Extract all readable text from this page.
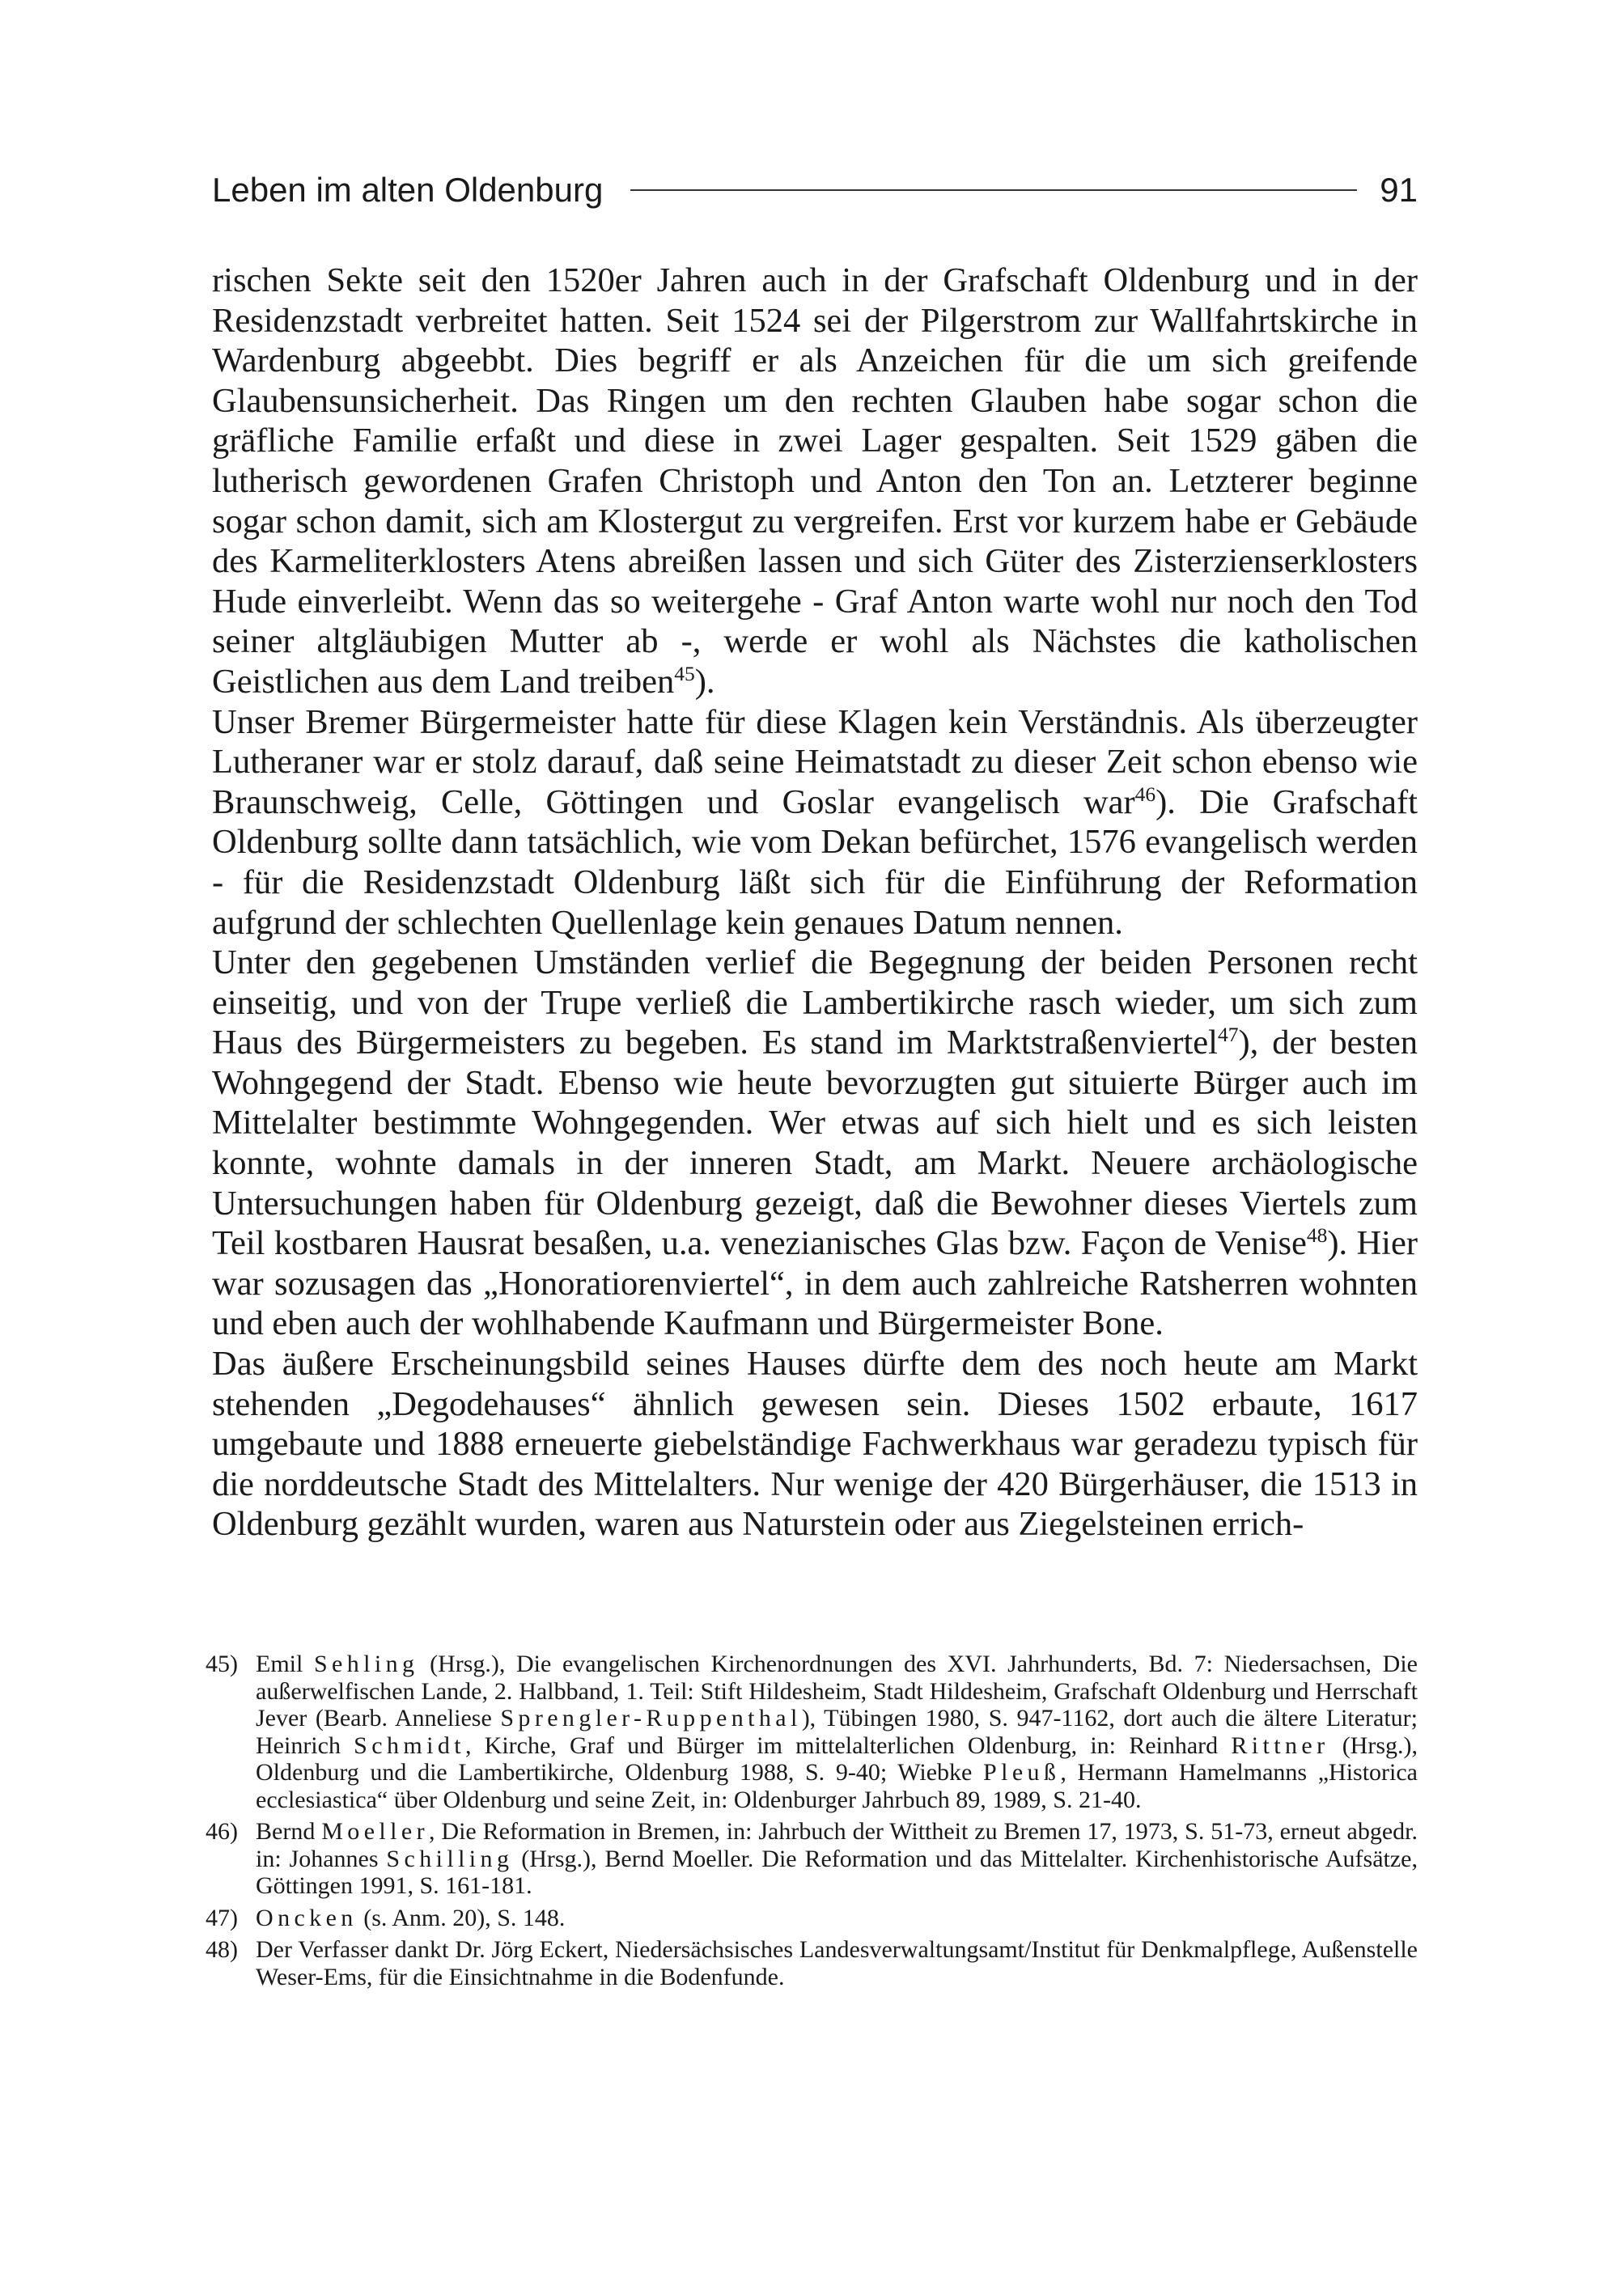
Leben im alten Oldenburg	91

rischen Sekte seit den 1520er Jahren auch in der Grafschaft Oldenburg und in der Residenzstadt verbreitet hatten. Seit 1524 sei der Pilgerstrom zur Wallfahrtskirche in Wardenburg abgeebbt. Dies begriff er als Anzeichen für die um sich greifende Glaubensunsicherheit. Das Ringen um den rechten Glauben habe sogar schon die gräfliche Familie erfaßt und diese in zwei Lager gespalten. Seit 1529 gäben die lutherisch gewordenen Grafen Christoph und Anton den Ton an. Letzterer beginne sogar schon damit, sich am Klostergut zu vergreifen. Erst vor kurzem habe er Gebäude des Karmeliterklosters Atens abreißen lassen und sich Güter des Zisterzienserklosters Hude einverleibt. Wenn das so weitergehe - Graf Anton warte wohl nur noch den Tod seiner altgläubigen Mutter ab -, werde er wohl als Nächstes die katholischen Geistlichen aus dem Land treiben$^{45}$).

Unser Bremer Bürgermeister hatte für diese Klagen kein Verständnis. Als überzeugter Lutheraner war er stolz darauf, daß seine Heimatstadt zu dieser Zeit schon ebenso wie Braunschweig, Celle, Göttingen und Goslar evangelisch war$^{46}$). Die Grafschaft Oldenburg sollte dann tatsächlich, wie vom Dekan befürchet, 1576 evangelisch werden - für die Residenzstadt Oldenburg läßt sich für die Einführung der Reformation aufgrund der schlechten Quellenlage kein genaues Datum nennen.

Unter den gegebenen Umständen verlief die Begegnung der beiden Personen recht einseitig, und von der Trupe verließ die Lambertikirche rasch wieder, um sich zum Haus des Bürgermeisters zu begeben. Es stand im Marktstraßenviertel$^{47}$), der besten Wohngegend der Stadt. Ebenso wie heute bevorzugten gut situierte Bürger auch im Mittelalter bestimmte Wohngegenden. Wer etwas auf sich hielt und es sich leisten konnte, wohnte damals in der inneren Stadt, am Markt. Neuere archäologische Untersuchungen haben für Oldenburg gezeigt, daß die Bewohner dieses Viertels zum Teil kostbaren Hausrat besaßen, u.a. venezianisches Glas bzw. Façon de Venise$^{48}$). Hier war sozusagen das „Honoratiorenviertel“, in dem auch zahlreiche Ratsherren wohnten und eben auch der wohlhabende Kaufmann und Bürgermeister Bone.

Das äußere Erscheinungsbild seines Hauses dürfte dem des noch heute am Markt stehenden „Degodehauses“ ähnlich gewesen sein. Dieses 1502 erbaute, 1617 umgebaute und 1888 erneuerte giebelständige Fachwerkhaus war geradezu typisch für die norddeutsche Stadt des Mittelalters. Nur wenige der 420 Bürgerhäuser, die 1513 in Oldenburg gezählt wurden, waren aus Naturstein oder aus Ziegelsteinen errich-

45) Emil Sehling (Hrsg.), Die evangelischen Kirchenordnungen des XVI. Jahrhunderts, Bd. 7: Niedersachsen, Die außerwelfischen Lande, 2. Halbband, 1. Teil: Stift Hildesheim, Stadt Hildesheim, Grafschaft Oldenburg und Herrschaft Jever (Bearb. Anneliese Sprengler-Ruppenthal), Tübingen 1980, S. 947-1162, dort auch die ältere Literatur; Heinrich Schmidt, Kirche, Graf und Bürger im mittelalterlichen Oldenburg, in: Reinhard Rittner (Hrsg.), Oldenburg und die Lambertikirche, Oldenburg 1988, S. 9-40; Wiebke Pleuß, Hermann Hamelmanns „Historica ecclesiastica“ über Oldenburg und seine Zeit, in: Oldenburger Jahrbuch 89, 1989, S. 21-40.
46) Bernd Moeller, Die Reformation in Bremen, in: Jahrbuch der Wittheit zu Bremen 17, 1973, S. 51-73, erneut abgedr. in: Johannes Schilling (Hrsg.), Bernd Moeller. Die Reformation und das Mittelalter. Kirchenhistorische Aufsätze, Göttingen 1991, S. 161-181.
47) Oncken (s. Anm. 20), S. 148.
48) Der Verfasser dankt Dr. Jörg Eckert, Niedersächsisches Landesverwaltungsamt/Institut für Denkmalpflege, Außenstelle Weser-Ems, für die Einsichtnahme in die Bodenfunde.
